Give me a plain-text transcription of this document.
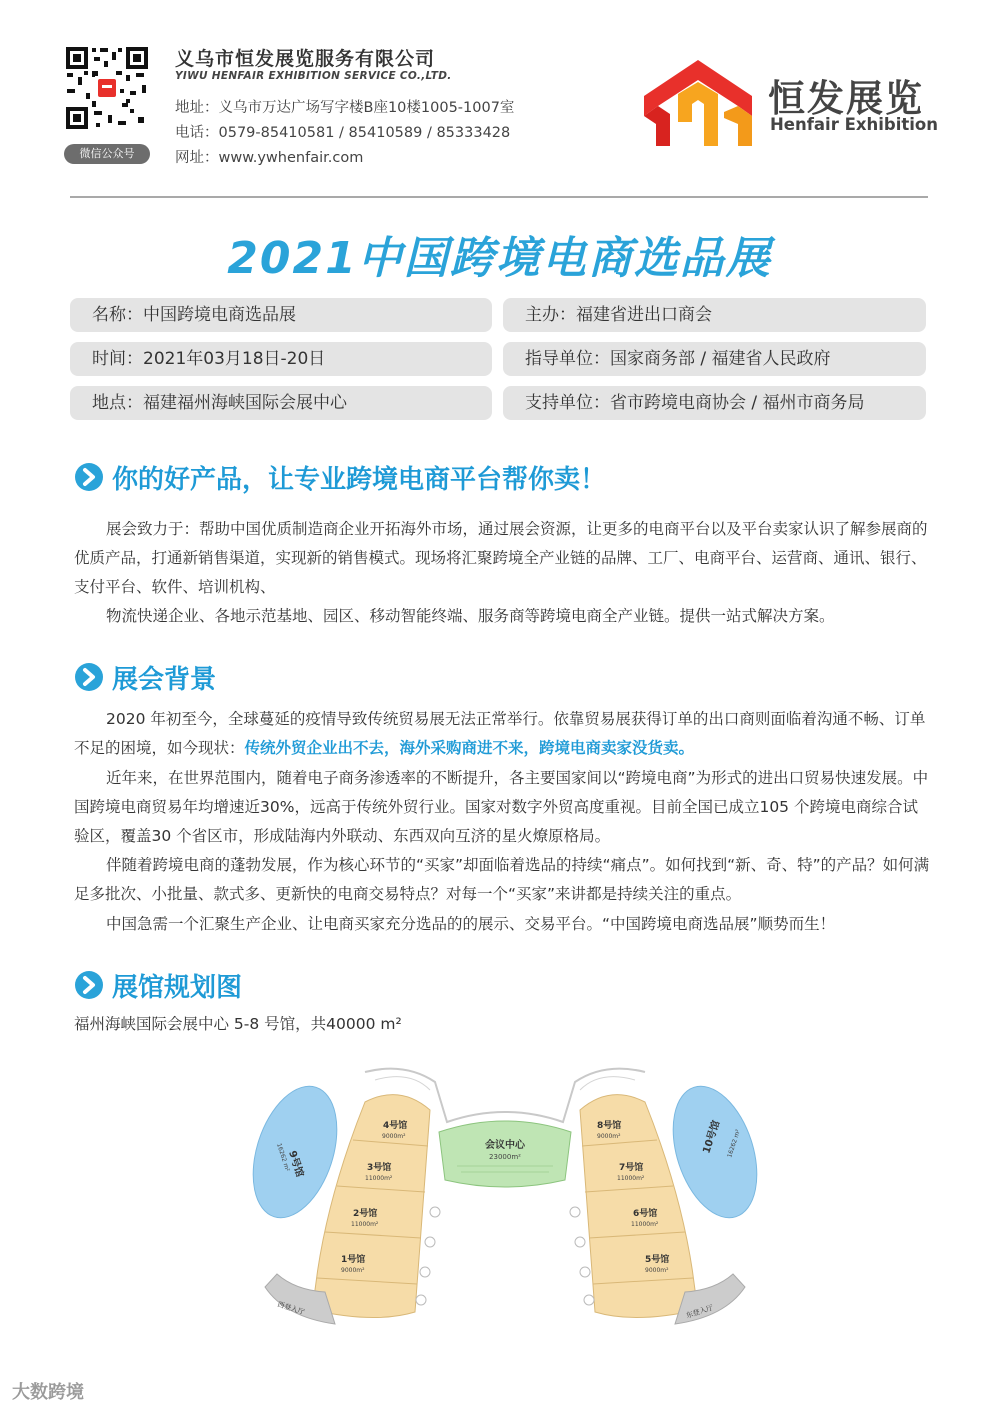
微信公众号
义乌市恒发展览服务有限公司
YIWU HENFAIR EXHIBITION SERVICE CO.,LTD.
地址：义乌市万达广场写字楼B座10楼1005-1007室
电话：0579-85410581 / 85410589 / 85333428
网址：www.ywhenfair.com
恒发展览
Henfair Exhibition
2021中国跨境电商选品展
名称：中国跨境电商选品展	主办：福建省进出口商会
时间：2021年03月18日-20日	指导单位：国家商务部 / 福建省人民政府
地点：福建福州海峡国际会展中心	支持单位：省市跨境电商协会 / 福州市商务局
你的好产品，让专业跨境电商平台帮你卖！
展会致力于：帮助中国优质制造商企业开拓海外市场，通过展会资源，让更多的电商平台以及平台卖家认识了解参展商的优质产品，打通新销售渠道，实现新的销售模式。现场将汇聚跨境全产业链的品牌、工厂、电商平台、运营商、通讯、银行、支付平台、软件、培训机构、
物流快递企业、各地示范基地、园区、移动智能终端、服务商等跨境电商全产业链。提供一站式解决方案。
展会背景
2020 年初至今，全球蔓延的疫情导致传统贸易展无法正常举行。依靠贸易展获得订单的出口商则面临着沟通不畅、订单不足的困境，如今现状：传统外贸企业出不去，海外采购商进不来，跨境电商卖家没货卖。
近年来，在世界范围内，随着电子商务渗透率的不断提升，各主要国家间以“跨境电商”为形式的进出口贸易快速发展。中国跨境电商贸易年均增速近30%，远高于传统外贸行业。国家对数字外贸高度重视。目前全国已成立105 个跨境电商综合试验区，覆盖30 个省区市，形成陆海内外联动、东西双向互济的星火燎原格局。
伴随着跨境电商的蓬勃发展，作为核心环节的“买家”却面临着选品的持续“痛点”。如何找到“新、奇、特”的产品？如何满足多批次、小批量、款式多、更新快的电商交易特点？对每一个“买家”来讲都是持续关注的重点。
中国急需一个汇聚生产企业、让电商买家充分选品的的展示、交易平台。“中国跨境电商选品展”顺势而生！
展馆规划图
福州海峡国际会展中心 5-8 号馆，共40000 m²
9号馆
16262 m²
10号馆 16262 m²
4号馆
9000m²
3号馆
11000m²
2号馆
11000m²
1号馆
9000m²
西登入厅
8号馆
9000m²
7号馆
11000m²
6号馆
11000m²
5号馆
9000m²
东登入厅
会议中心
23000m²
大数跨境
